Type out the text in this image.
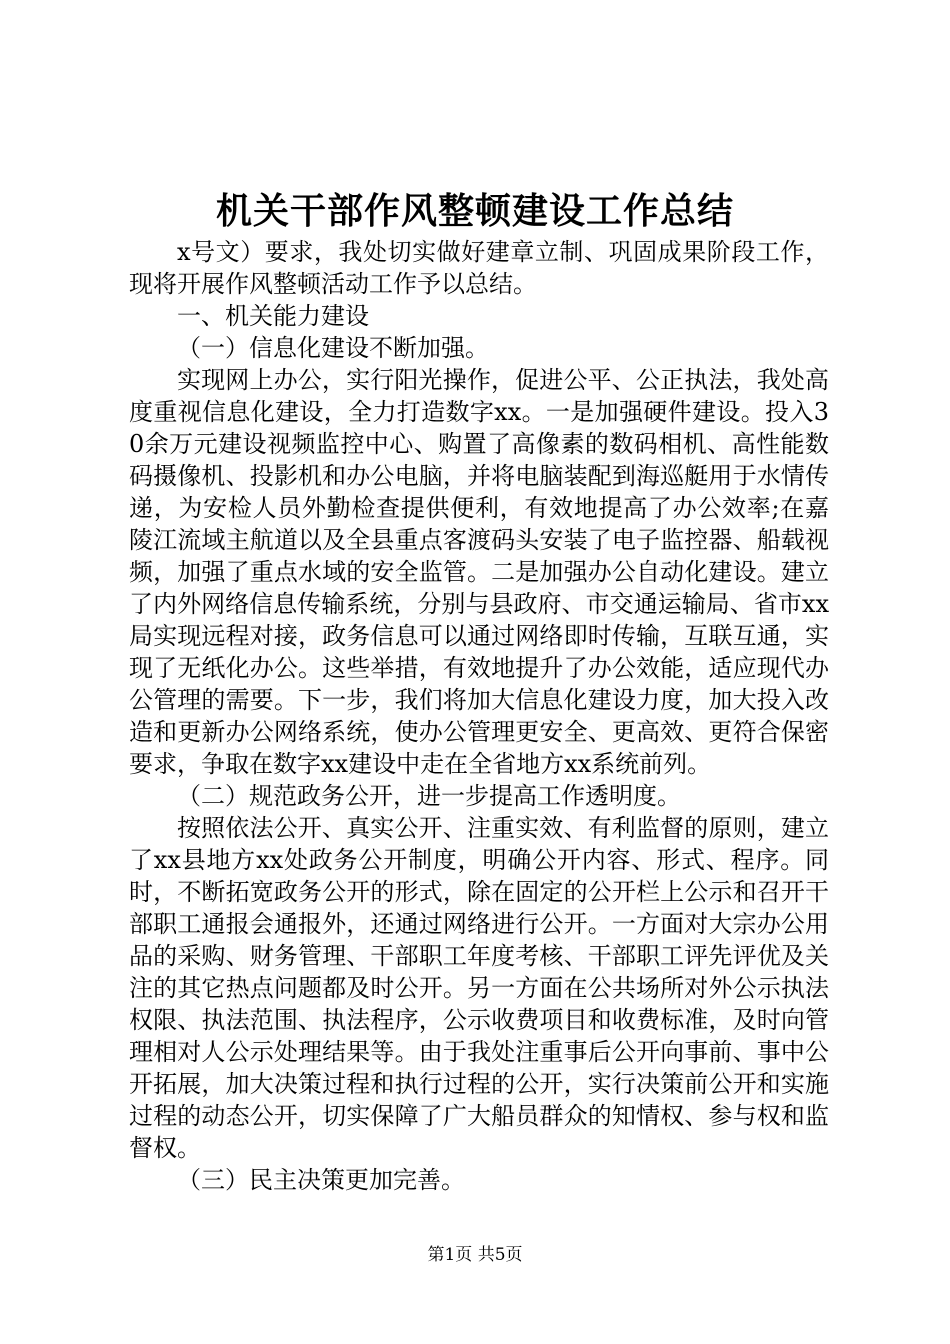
机关干部作风整顿建设工作总结

x号文）要求，我处切实做好建章立制、巩固成果阶段工作，现将开展作风整顿活动工作予以总结。

一、机关能力建设

（一）信息化建设不断加强。

实现网上办公，实行阳光操作，促进公平、公正执法，我处高度重视信息化建设，全力打造数字xx。一是加强硬件建设。投入30余万元建设视频监控中心、购置了高像素的数码相机、高性能数码摄像机、投影机和办公电脑，并将电脑装配到海巡艇用于水情传递，为安检人员外勤检查提供便利，有效地提高了办公效率;在嘉陵江流域主航道以及全县重点客渡码头安装了电子监控器、船载视频，加强了重点水域的安全监管。二是加强办公自动化建设。建立了内外网络信息传输系统，分别与县政府、市交通运输局、省市xx局实现远程对接，政务信息可以通过网络即时传输，互联互通，实现了无纸化办公。这些举措，有效地提升了办公效能，适应现代办公管理的需要。下一步，我们将加大信息化建设力度，加大投入改造和更新办公网络系统，使办公管理更安全、更高效、更符合保密要求，争取在数字xx建设中走在全省地方xx系统前列。

（二）规范政务公开，进一步提高工作透明度。

按照依法公开、真实公开、注重实效、有利监督的原则，建立了xx县地方xx处政务公开制度，明确公开内容、形式、程序。同时，不断拓宽政务公开的形式，除在固定的公开栏上公示和召开干部职工通报会通报外，还通过网络进行公开。一方面对大宗办公用品的采购、财务管理、干部职工年度考核、干部职工评先评优及关注的其它热点问题都及时公开。另一方面在公共场所对外公示执法权限、执法范围、执法程序，公示收费项目和收费标准，及时向管理相对人公示处理结果等。由于我处注重事后公开向事前、事中公开拓展，加大决策过程和执行过程的公开，实行决策前公开和实施过程的动态公开，切实保障了广大船员群众的知情权、参与权和监督权。

（三）民主决策更加完善。

第1页 共5页
